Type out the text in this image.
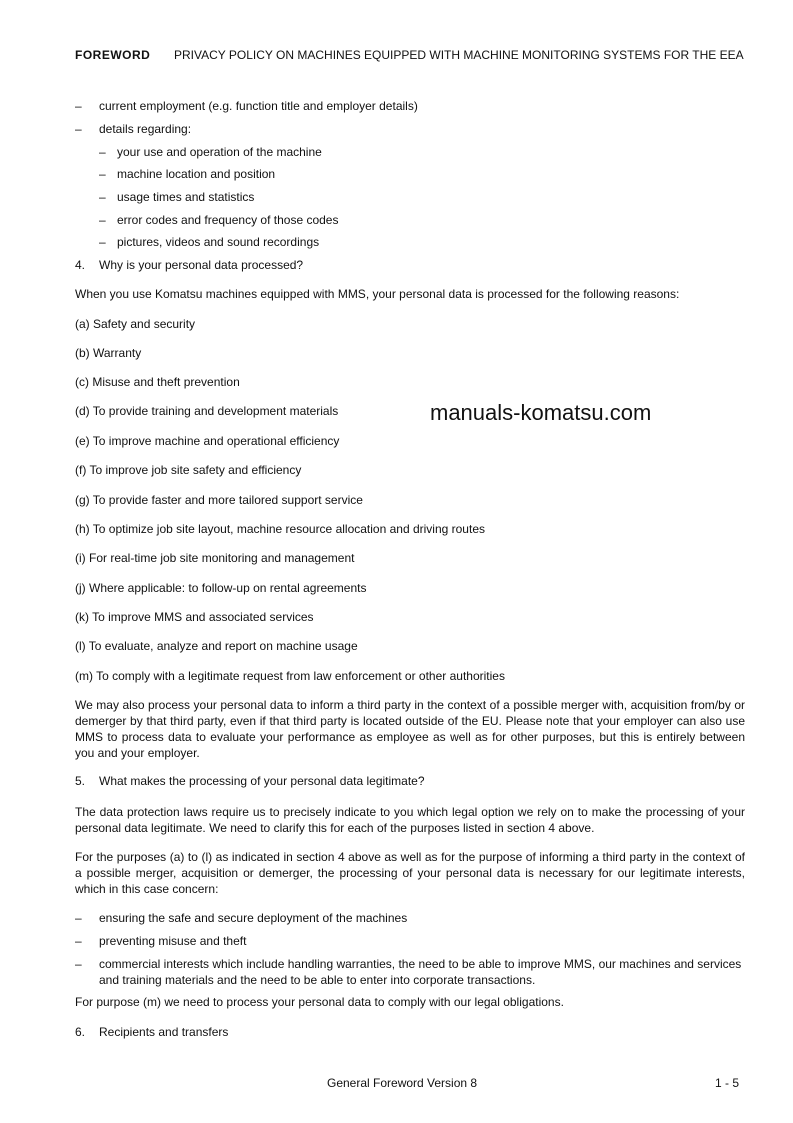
FOREWORD PRIVACY POLICY ON MACHINES EQUIPPED WITH MACHINE MONITORING SYSTEMS FOR THE EEA
– current employment (e.g. function title and employer details)
– details regarding:
– your use and operation of the machine
– machine location and position
– usage times and statistics
– error codes and frequency of those codes
– pictures, videos and sound recordings
4. Why is your personal data processed?
When you use Komatsu machines equipped with MMS, your personal data is processed for the following reasons:
(a) Safety and security
(b) Warranty
(c) Misuse and theft prevention
(d) To provide training and development materials
(e) To improve machine and operational efficiency
(f) To improve job site safety and efficiency
(g) To provide faster and more tailored support service
(h) To optimize job site layout, machine resource allocation and driving routes
(i) For real-time job site monitoring and management
(j) Where applicable: to follow-up on rental agreements
(k) To improve MMS and associated services
(l) To evaluate, analyze and report on machine usage
(m) To comply with a legitimate request from law enforcement or other authorities
We may also process your personal data to inform a third party in the context of a possible merger with, acquisition from/by or demerger by that third party, even if that third party is located outside of the EU. Please note that your employer can also use MMS to process data to evaluate your performance as employee as well as for other purposes, but this is entirely between you and your employer.
5. What makes the processing of your personal data legitimate?
The data protection laws require us to precisely indicate to you which legal option we rely on to make the processing of your personal data legitimate. We need to clarify this for each of the purposes listed in section 4 above.
For the purposes (a) to (l) as indicated in section 4 above as well as for the purpose of informing a third party in the context of a possible merger, acquisition or demerger, the processing of your personal data is necessary for our legitimate interests, which in this case concern:
– ensuring the safe and secure deployment of the machines
– preventing misuse and theft
– commercial interests which include handling warranties, the need to be able to improve MMS, our machines and services and training materials and the need to be able to enter into corporate transactions.
For purpose (m) we need to process your personal data to comply with our legal obligations.
6. Recipients and transfers
manuals-komatsu.com
General Foreword Version 8	1 - 5
